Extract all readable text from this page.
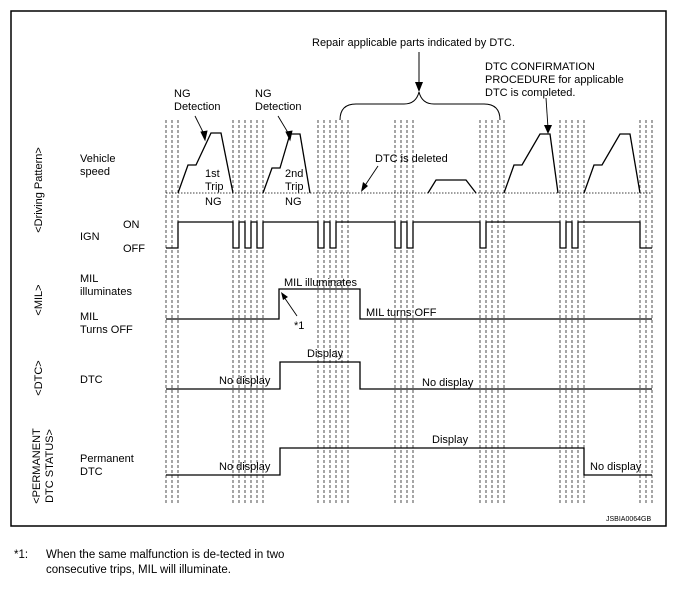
<Driving Pattern>
<MIL>
<DTC>
<PERMANENT DTC STATUS>
Vehicle
speed
ON
IGN
OFF
MIL
illuminates
MIL
Turns OFF
DTC
Permanent
DTC
NG
Detection
NG
Detection
1st
Trip
NG
2nd
Trip
NG
Repair applicable parts indicated by DTC.
DTC CONFIRMATION
PROCEDURE for applicable
DTC is completed.
DTC is deleted
MIL illuminates
MIL turns OFF
*1
Display
No display	No display
Display
No display	No display
JSBIA0064GB
*1: When the same malfunction is de-tected in two consecutive trips, MIL will illuminate.
